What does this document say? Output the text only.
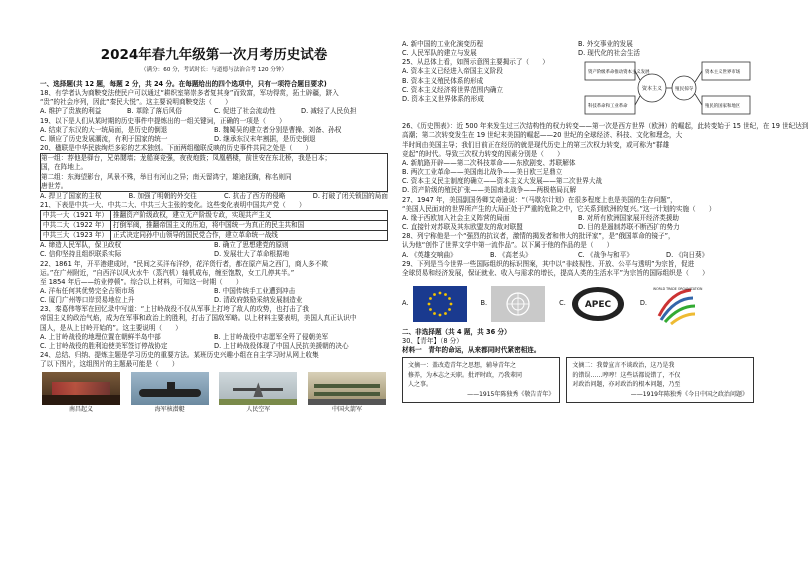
2024年春九年级第一次月考历史试卷
（满分：60 分，考试时长：与道德与法治合考 120 分钟）
一、选择题(共 12 题，每题 2 分，共 24 分。在每题给出的四个选项中，只有一项符合题目要求)
18、有学者认为商鞅变法使民户可以通过“耕织室第崇多者复其身”而致富，军功得赏，拓土辟疆，跻入
“贵”的社会序列，因此“秦民大悦”。这主要说明商鞅变法（　　）
A. 维护了贵族的利益	B. 革除了落后风俗	C. 促进了社会流动性	D. 减轻了人民负担
19、以下是人们从某时期的历史事件中提炼出的一组关键词，正确的一项是（　　）
A. 结束了东汉的大一统局面，是历史的倒退	B. 魏蜀吴的建立者分别是曹操、刘备、孙权
C. 顺应了历史发展潮流，有利于国家的统一	D. 继承东汉末年割据，是历史倒退
20、楹联是中华民族绚烂多彩的艺术独创。下面两组楹联反映的历史事件共同之处是（　　）
第一组：荐他是驿台，兄弟鬩墙；龙船赛竞强，夜夜炮鼓；凤凰栖棲，前世安在东北桥，我是日本；
国，在阵地上。
第二组：东海望影台，风景不殊，举目有河山之异；南天留鸿宁，雄途抚胸，称名则同
唐世芳。
A. 捍卫了国家的主权	B. 加强了明朝的外交往	C. 抗击了西方的侵略	D. 打破了闭关锁国的局面
21、下表是中共一大、中共二大、中共三大主张的变化。这些变化表明中国共产党（　　）
中共一大（1921 年）	推翻资产阶级政权，建立无产阶级专政，实现共产主义
中共二大（1922 年）	打倒军阀，推翻帝国主义的压迫，将中国统一为真正的民主共和国
中共三大（1923 年）	正式决定同孙中山领导的国民党合作，建立革命统一战线
A. 缔造人民军队，保卫政权	B. 确立了思想建党的原则
C. 信仰坚持且组织联系实际	D. 发展壮大了革命根据地
22、1861 年，开平港建成时，“民间之买洋布洋纱，花洋货行者，都在原产局之西门，商人多不欺
运。”在广州附近，“自西洋以风火水牛（蒸汽机）轴机成布，缠至饱数，女工几停其半。”
至 1854 年后——纺业停顿”。综合以上材料，可知这一时期（　　）
A. 洋布任何其优势完全占领市场	B. 中国传统手工业遭到冲击
C. 厦门广州等口岸贸易地位上升	D. 清政府鼓励采纳发展制造业
23、秦葛伟等军在回忆录中写道：“上甘岭战役不仅从军事上打垮了敌人的攻势，也打击了我
帝国主义的政治气焰，成为在军事和政治上的胜利，打击了国敌军略。以上材料主要表明，美国人真正认识中
国人，是从上甘岭开始的”。这主要说明（　　）
A. 上甘岭战役的地理位置在朝鲜半岛中部	B. 上甘岭战役中志愿军全歼了侵朝美军
C. 上甘岭战役的胜利迫使美军签订停战协定	D. 上甘岭战役体现了中国人民抗美援朝的决心
24、总结、归纳、提炼主题是学习历史的重要方法。某班历史兴趣小组在自主学习时从网上收集
了以下图片，这组图片的主题最可能是（　　）
南昌起义	海军核潜艇	人民空军	中国火箭军
A. 新中国的工业化演变历程	B. 外交事业的发展
C. 人民军队的建立与发展	D. 现代化的社会生活
25、从总体上看，如图示意图主要揭示了（　　）
A. 资本主义已经进入帝国主义阶段
B. 资本主义殖民体系的形成
C. 资本主义经济将世界范围内确立
D. 资本主义世界体系的形成
资产阶级革命推动资本主义发展
科技革命和工业革命
资本主义世界市场
殖民的国家和地区
资本主义	殖民掠夺
26、《历史图表》：近 500 年来发生过三次结构性的权力转变——第一次是西方世界（欧洲）的崛起，此转变始于 15 世纪，在 19 世纪达到
高潮；第二次转变发生在 19 世纪末美国的崛起——20 世纪的全球经济、科技、文化和理念，大
半时间由美国主导；我们目前正在经历的就是现代历史上的第三次权力转变，或可称为“群雄
竞起”的时代。导致三次权力转变的因素分别是（　　）
A. 新航路开辟——第二次科技革命——东欧剧变、苏联解体
B. 两次工业革命——美国南北战争——美日欧三足鼎立
C. 资本主义民主制度的确立——资本主义大发展——第二次世界大战
D. 资产阶级的殖民扩张——美国南北战争——两极格局瓦解
27、1947 年，美国副国务卿艾奇逊说：“（马歇尔计划）在很多程度上也是美国的生存问题”，
“美国人民面对的世界所产生的大局正处于严重的危险之中，它关系到欧洲的复兴。”这一计划的实施（　　）
A. 缘于西欧加入社会主义阵营的局面	B. 对所有欧洲国家展开经济类援助
C. 直接针对苏联及其东欧盟友的敌对联盟	D. 目的是遏制苏联不断西扩的势力
28、列宁称他是一个“强烈的抗议者，激情的揭发者和伟大的批评家”，是“俄国革命的镜子”，
认为他“创作了世界文学中第一流作品”。以下属于他的作品的是（　　）
A. 《英雄交响曲》	B. 《高老头》	C. 《战争与和平》	D. 《向日葵》
29、下列是当今世界一些国际组织的标识图案，其中以“非歧视性、开放、公平与透明”为宗旨，促进
全球贸易和经济发展，保证就业、收入与需求的增长，提高人类的生活水平”为宗旨的国际组织是（　　）
A.	B.	C. APEC	D.
WORLD TRADE ORGANIZATION
二、非选择题（共 4 题，共 36 分）
30、【青年】（8 分）
材料一　青年的命运，从来都同时代紧密相连。
文摘一：盖改造青年之思想，辅导青年之
修养，为本志之天职。批评时政，乃我辈同
人之事。
——1915年陈独秀《敬告青年》
文摘二：我曾宣言不谈政治，这乃是我
的错误……哼哼！这些话都说错了，不仅
对政治问题，亦对政治的根本问题，乃至
——1919年陈独秀《今日中国之政治问题》
